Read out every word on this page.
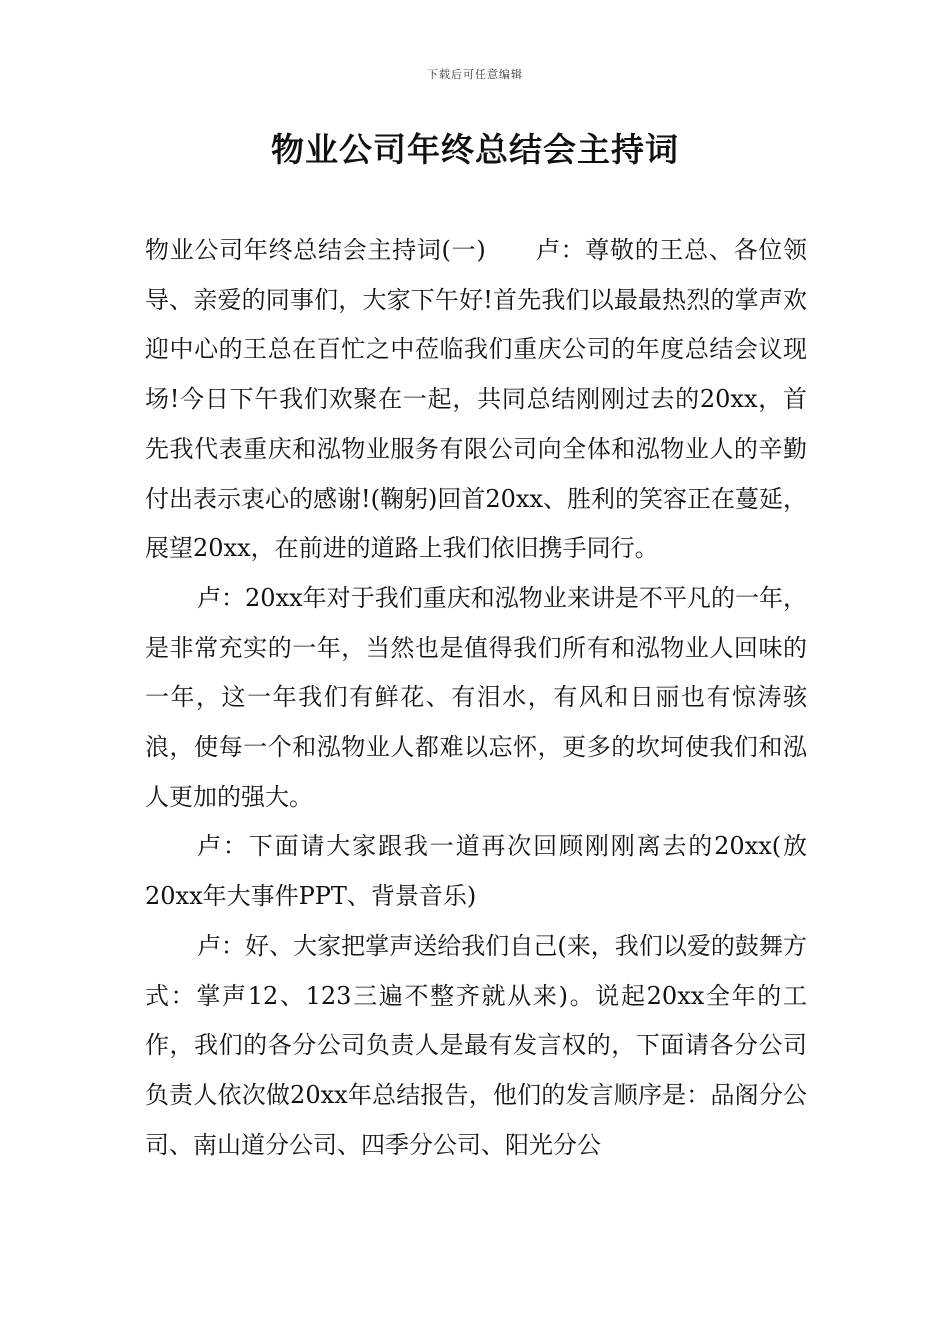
下载后可任意编辑
物业公司年终总结会主持词

物业公司年终总结会主持词(一)　　卢：尊敬的王总、各位领导、亲爱的同事们，大家下午好!首先我们以最最热烈的掌声欢迎中心的王总在百忙之中莅临我们重庆公司的年度总结会议现场!今日下午我们欢聚在一起，共同总结刚刚过去的20xx，首先我代表重庆和泓物业服务有限公司向全体和泓物业人的辛勤付出表示衷心的感谢!(鞠躬)回首20xx、胜利的笑容正在蔓延，展望20xx，在前进的道路上我们依旧携手同行。

卢：20xx年对于我们重庆和泓物业来讲是不平凡的一年，是非常充实的一年，当然也是值得我们所有和泓物业人回味的一年，这一年我们有鲜花、有泪水，有风和日丽也有惊涛骇浪，使每一个和泓物业人都难以忘怀，更多的坎坷使我们和泓人更加的强大。

卢：下面请大家跟我一道再次回顾刚刚离去的20xx(放20xx年大事件PPT、背景音乐)

卢：好、大家把掌声送给我们自己(来，我们以爱的鼓舞方式：掌声12、123三遍不整齐就从来)。说起20xx全年的工作，我们的各分公司负责人是最有发言权的，下面请各分公司负责人依次做20xx年总结报告，他们的发言顺序是：品阁分公司、南山道分公司、四季分公司、阳光分公
